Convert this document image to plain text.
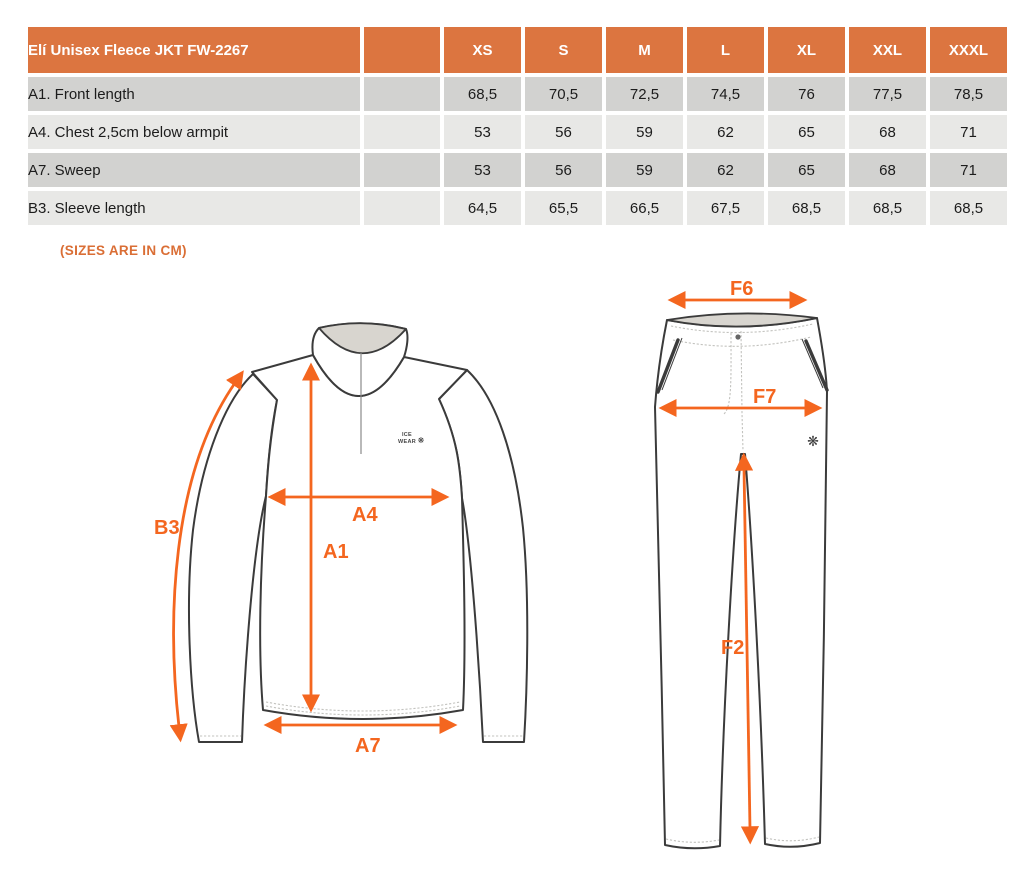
Elí Unisex Fleece JKT FW-2267		XS	S	M	L	XL	XXL	XXXL
A1. Front length		68,5	70,5	72,5	74,5	76	77,5	78,5
A4. Chest 2,5cm below armpit		53	56	59	62	65	68	71
A7. Sweep		53	56	59	62	65	68	71
B3. Sleeve length		64,5	65,5	66,5	67,5	68,5	68,5	68,5
(SIZES ARE IN CM)
B3
A1
A4
A7
ICE
WEAR ❋	❋
F6
F7
F2
